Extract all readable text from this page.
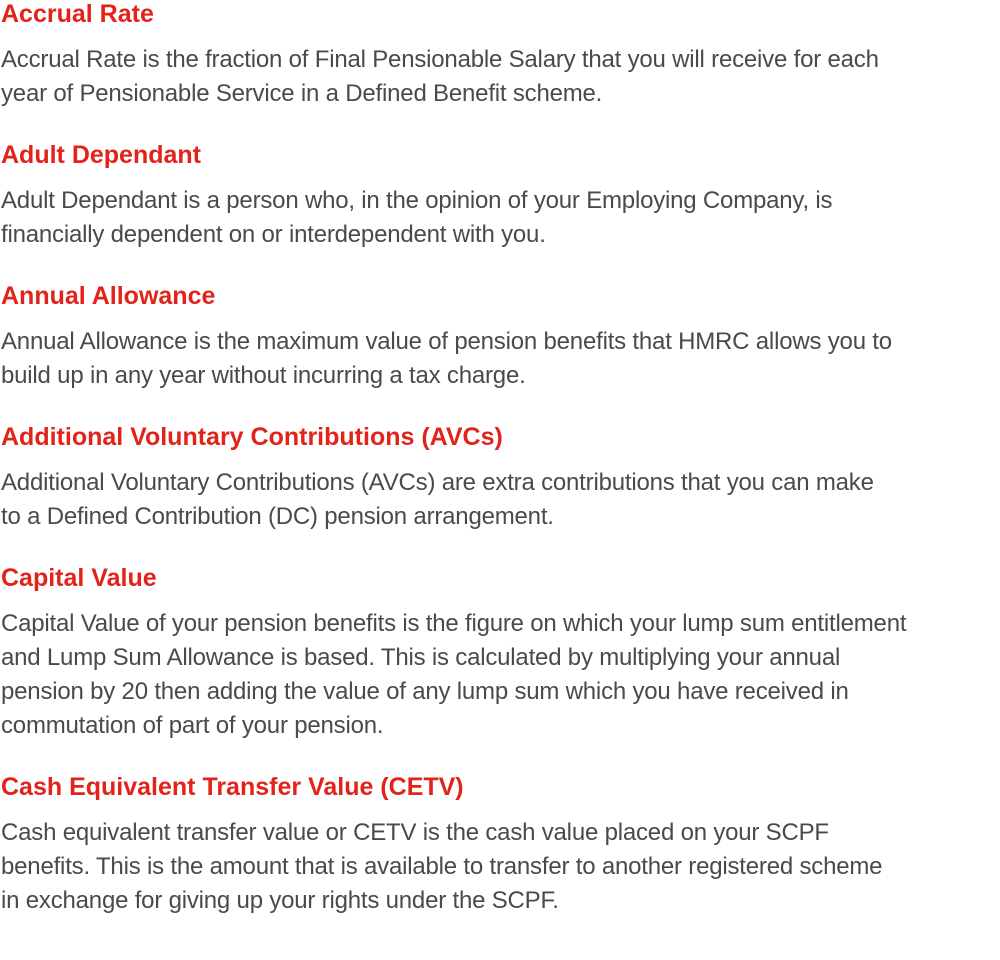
Accrual Rate
Accrual Rate is the fraction of Final Pensionable Salary that you will receive for each
year of Pensionable Service in a Defined Benefit scheme.
Adult Dependant
Adult Dependant is a person who, in the opinion of your Employing Company, is
financially dependent on or interdependent with you.
Annual Allowance
Annual Allowance is the maximum value of pension benefits that HMRC allows you to
build up in any year without incurring a tax charge.
Additional Voluntary Contributions (AVCs)
Additional Voluntary Contributions (AVCs) are extra contributions that you can make
to a Defined Contribution (DC) pension arrangement.
Capital Value
Capital Value of your pension benefits is the figure on which your lump sum entitlement
and Lump Sum Allowance is based. This is calculated by multiplying your annual
pension by 20 then adding the value of any lump sum which you have received in
commutation of part of your pension.
Cash Equivalent Transfer Value (CETV)
Cash equivalent transfer value or CETV is the cash value placed on your SCPF
benefits. This is the amount that is available to transfer to another registered scheme
in exchange for giving up your rights under the SCPF.
